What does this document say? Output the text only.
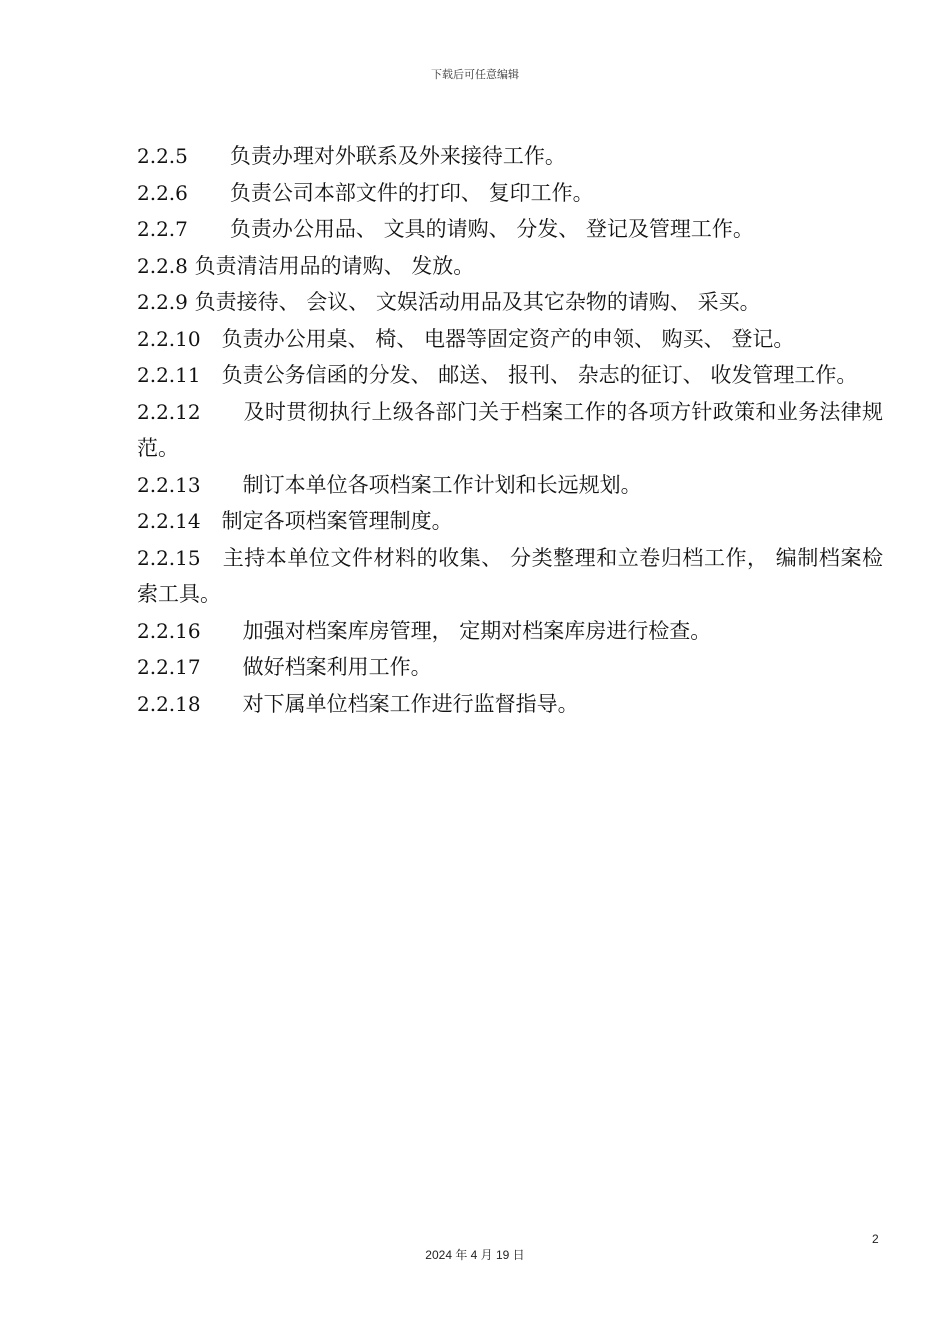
下载后可任意编辑

2.2.5　　 负责办理对外联系及外来接待工作。

2.2.6　　 负责公司本部文件的打印、 复印工作。

2.2.7　　 负责办公用品、 文具的请购、 分发、 登记及管理工作。

2.2.8 负责清洁用品的请购、 发放。

2.2.9 负责接待、 会议、 文娱活动用品及其它杂物的请购、 采买。

2.2.10　 负责办公用桌、 椅、 电器等固定资产的申领、 购买、 登记。

2.2.11　 负责公务信函的分发、 邮送、 报刊、 杂志的征订、 收发管理工作。

2.2.12　　 及时贯彻执行上级各部门关于档案工作的各项方针政策和业务法律规范。

2.2.13　　 制订本单位各项档案工作计划和长远规划。

2.2.14　 制定各项档案管理制度。

2.2.15　 主持本单位文件材料的收集、 分类整理和立卷归档工作， 编制档案检索工具。

2.2.16　　 加强对档案库房管理， 定期对档案库房进行检查。

2.2.17　　 做好档案利用工作。

2.2.18　　 对下属单位档案工作进行监督指导。

2
2024 年 4 月 19 日
